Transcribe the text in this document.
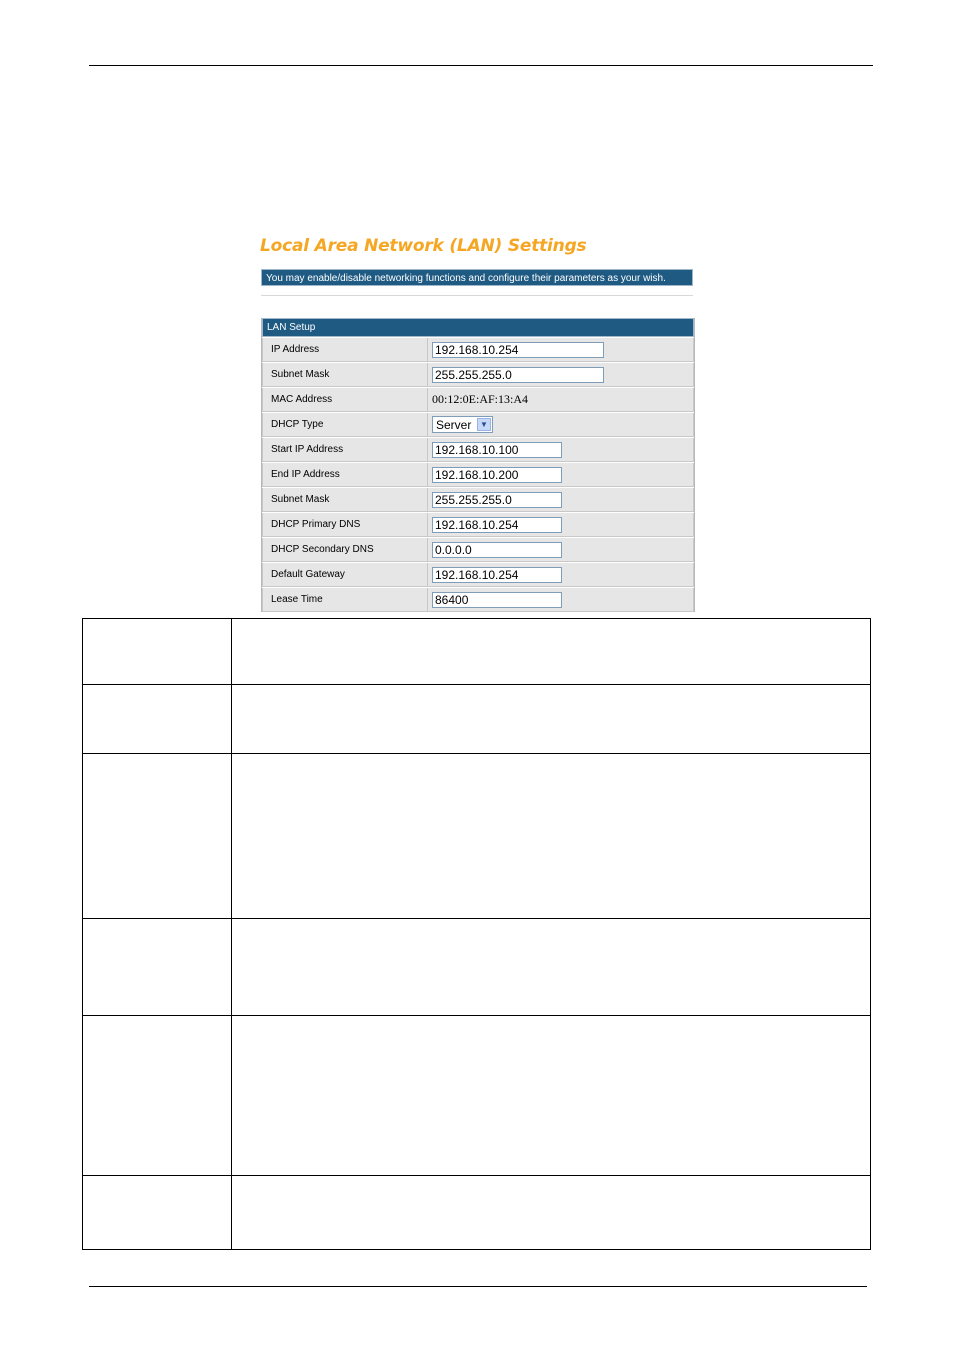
Local Area Network (LAN) Settings
You may enable/disable networking functions and configure their parameters as your wish.
LAN Setup
IP Address	192.168.10.254
Subnet Mask	255.255.255.0
MAC Address	00:12:0E:AF:13:A4
DHCP Type	Server	▼
Start IP Address	192.168.10.100
End IP Address	192.168.10.200
Subnet Mask	255.255.255.0
DHCP Primary DNS	192.168.10.254
DHCP Secondary DNS	0.0.0.0
Default Gateway	192.168.10.254
Lease Time	86400
